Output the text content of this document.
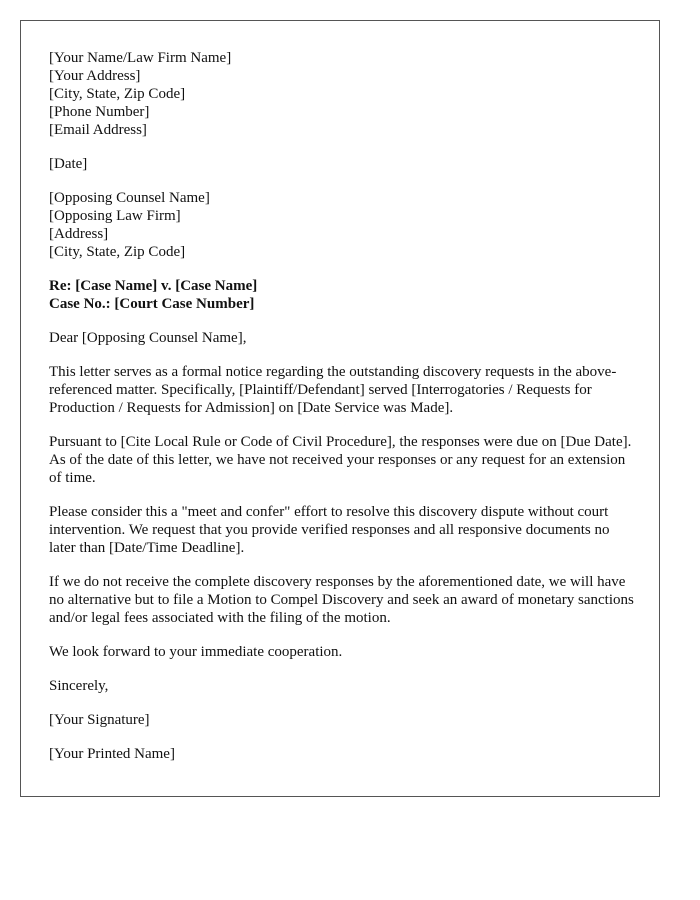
[Your Name/Law Firm Name]
[Your Address]
[City, State, Zip Code]
[Phone Number]
[Email Address]
[Date]
[Opposing Counsel Name]
[Opposing Law Firm]
[Address]
[City, State, Zip Code]
Re: [Case Name] v. [Case Name]
Case No.: [Court Case Number]

Dear [Opposing Counsel Name],

This letter serves as a formal notice regarding the outstanding discovery requests in the above-referenced matter. Specifically, [Plaintiff/Defendant] served [Interrogatories / Requests for Production / Requests for Admission] on [Date Service was Made].

Pursuant to [Cite Local Rule or Code of Civil Procedure], the responses were due on [Due Date]. As of the date of this letter, we have not received your responses or any request for an extension of time.

Please consider this a "meet and confer" effort to resolve this discovery dispute without court intervention. We request that you provide verified responses and all responsive documents no later than [Date/Time Deadline].

If we do not receive the complete discovery responses by the aforementioned date, we will have no alternative but to file a Motion to Compel Discovery and seek an award of monetary sanctions and/or legal fees associated with the filing of the motion.

We look forward to your immediate cooperation.

Sincerely,

[Your Signature]

[Your Printed Name]
